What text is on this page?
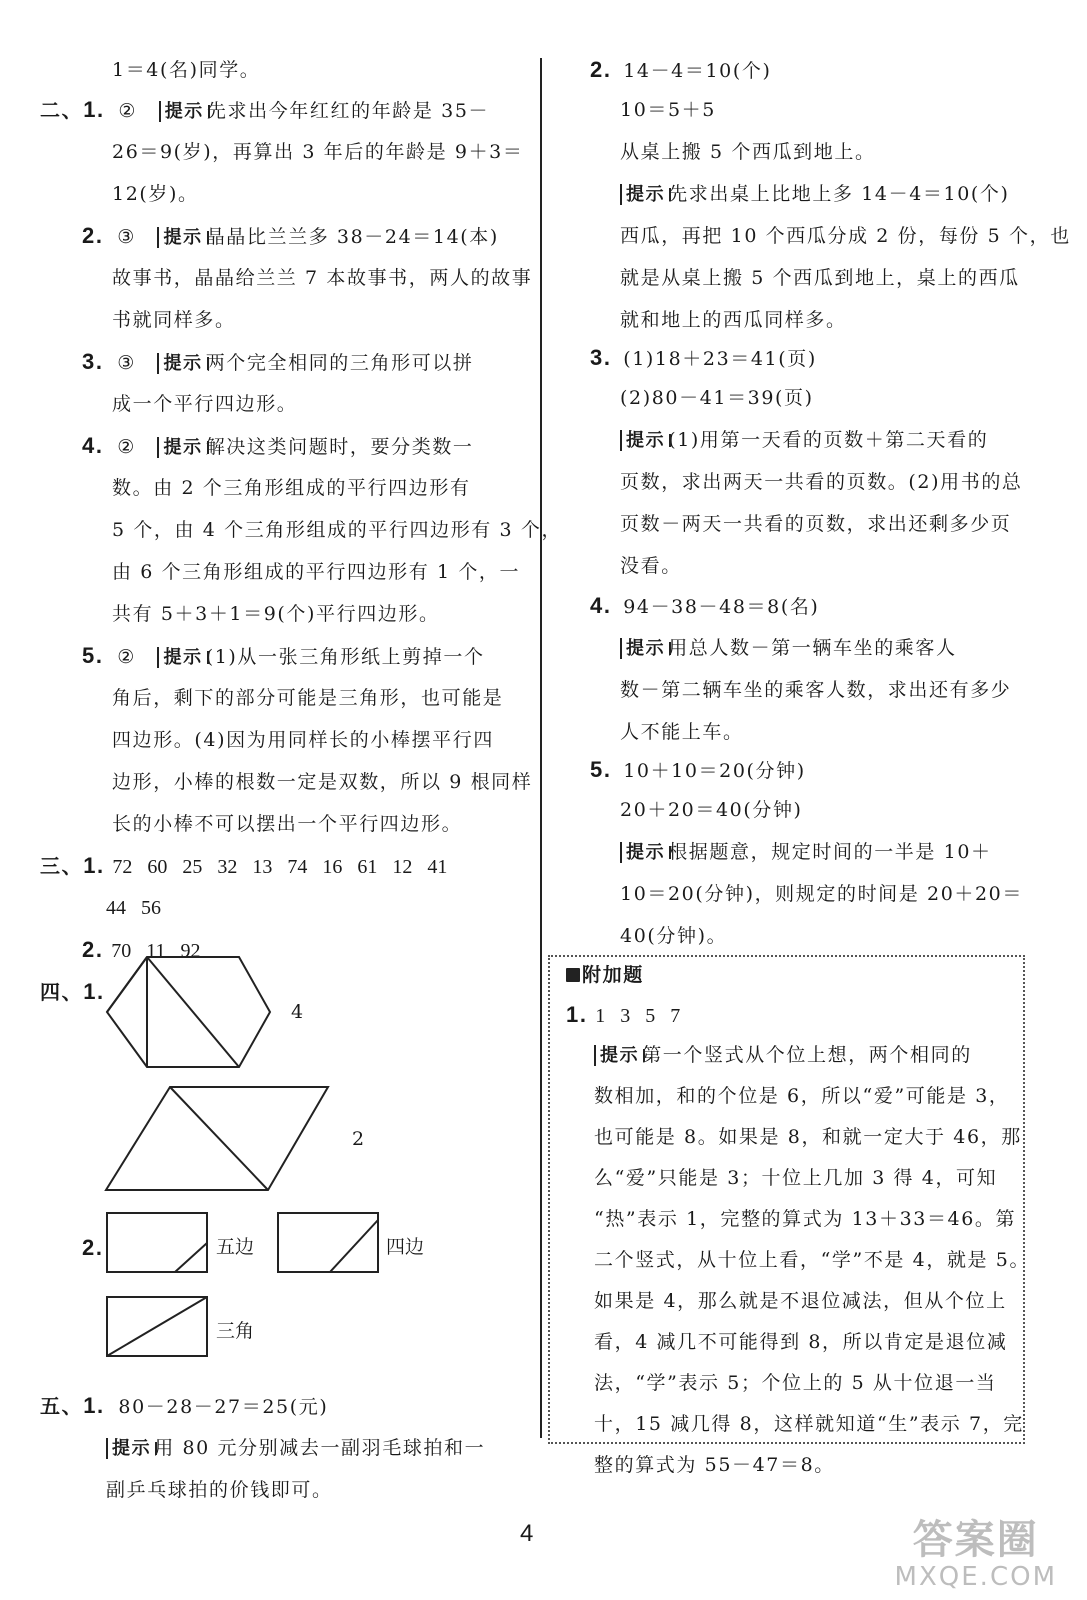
1＝4(名)同学。
二、1. ② 提示 先求出今年红红的年龄是 35－
26＝9(岁)，再算出 3 年后的年龄是 9＋3＝
12(岁)。
2. ③ 提示 晶晶比兰兰多 38－24＝14(本)
故事书，晶晶给兰兰 7 本故事书，两人的故事
书就同样多。
3. ③ 提示 两个完全相同的三角形可以拼
成一个平行四边形。
4. ② 提示 解决这类问题时，要分类数一
数。由 2 个三角形组成的平行四边形有
5 个，由 4 个三角形组成的平行四边形有 3 个，
由 6 个三角形组成的平行四边形有 1 个，一
共有 5＋3＋1＝9(个)平行四边形。
5. ② 提示 (1)从一张三角形纸上剪掉一个
角后，剩下的部分可能是三角形，也可能是
四边形。(4)因为用同样长的小棒摆平行四
边形，小棒的根数一定是双数，所以 9 根同样
长的小棒不可以摆出一个平行四边形。
三、1. 72   60   25   32   13   74   16   61   12   41
44   56
2. 70   11   92
四、1.
2.
五、1. 80－28－27＝25(元)
提示 用 80 元分别减去一副羽毛球拍和一
副乒乓球拍的价钱即可。
4
2
五边	四边
三角
2. 14－4＝10(个)
10＝5＋5
从桌上搬 5 个西瓜到地上。
提示 先求出桌上比地上多 14－4＝10(个)
西瓜，再把 10 个西瓜分成 2 份，每份 5 个，也
就是从桌上搬 5 个西瓜到地上，桌上的西瓜
就和地上的西瓜同样多。
3. (1)18＋23＝41(页)
(2)80－41＝39(页)
提示 (1)用第一天看的页数＋第二天看的
页数，求出两天一共看的页数。(2)用书的总
页数－两天一共看的页数，求出还剩多少页
没看。
4. 94－38－48＝8(名)
提示 用总人数－第一辆车坐的乘客人
数－第二辆车坐的乘客人数，求出还有多少
人不能上车。
5. 10＋10＝20(分钟)
20＋20＝40(分钟)
提示 根据题意，规定时间的一半是 10＋
10＝20(分钟)，则规定的时间是 20＋20＝
40(分钟)。
附加题
1. 1   3   5   7
提示 第一个竖式从个位上想，两个相同的
数相加，和的个位是 6，所以“爱”可能是 3，
也可能是 8。如果是 8，和就一定大于 46，那
么“爱”只能是 3；十位上几加 3 得 4，可知
“热”表示 1，完整的算式为 13＋33＝46。第
二个竖式，从十位上看，“学”不是 4，就是 5。
如果是 4，那么就是不退位减法，但从个位上
看，4 减几不可能得到 8，所以肯定是退位减
法，“学”表示 5；个位上的 5 从十位退一当
十，15 减几得 8，这样就知道“生”表示 7，完
整的算式为 55－47＝8。
4	答案圈
MXQE.COM
